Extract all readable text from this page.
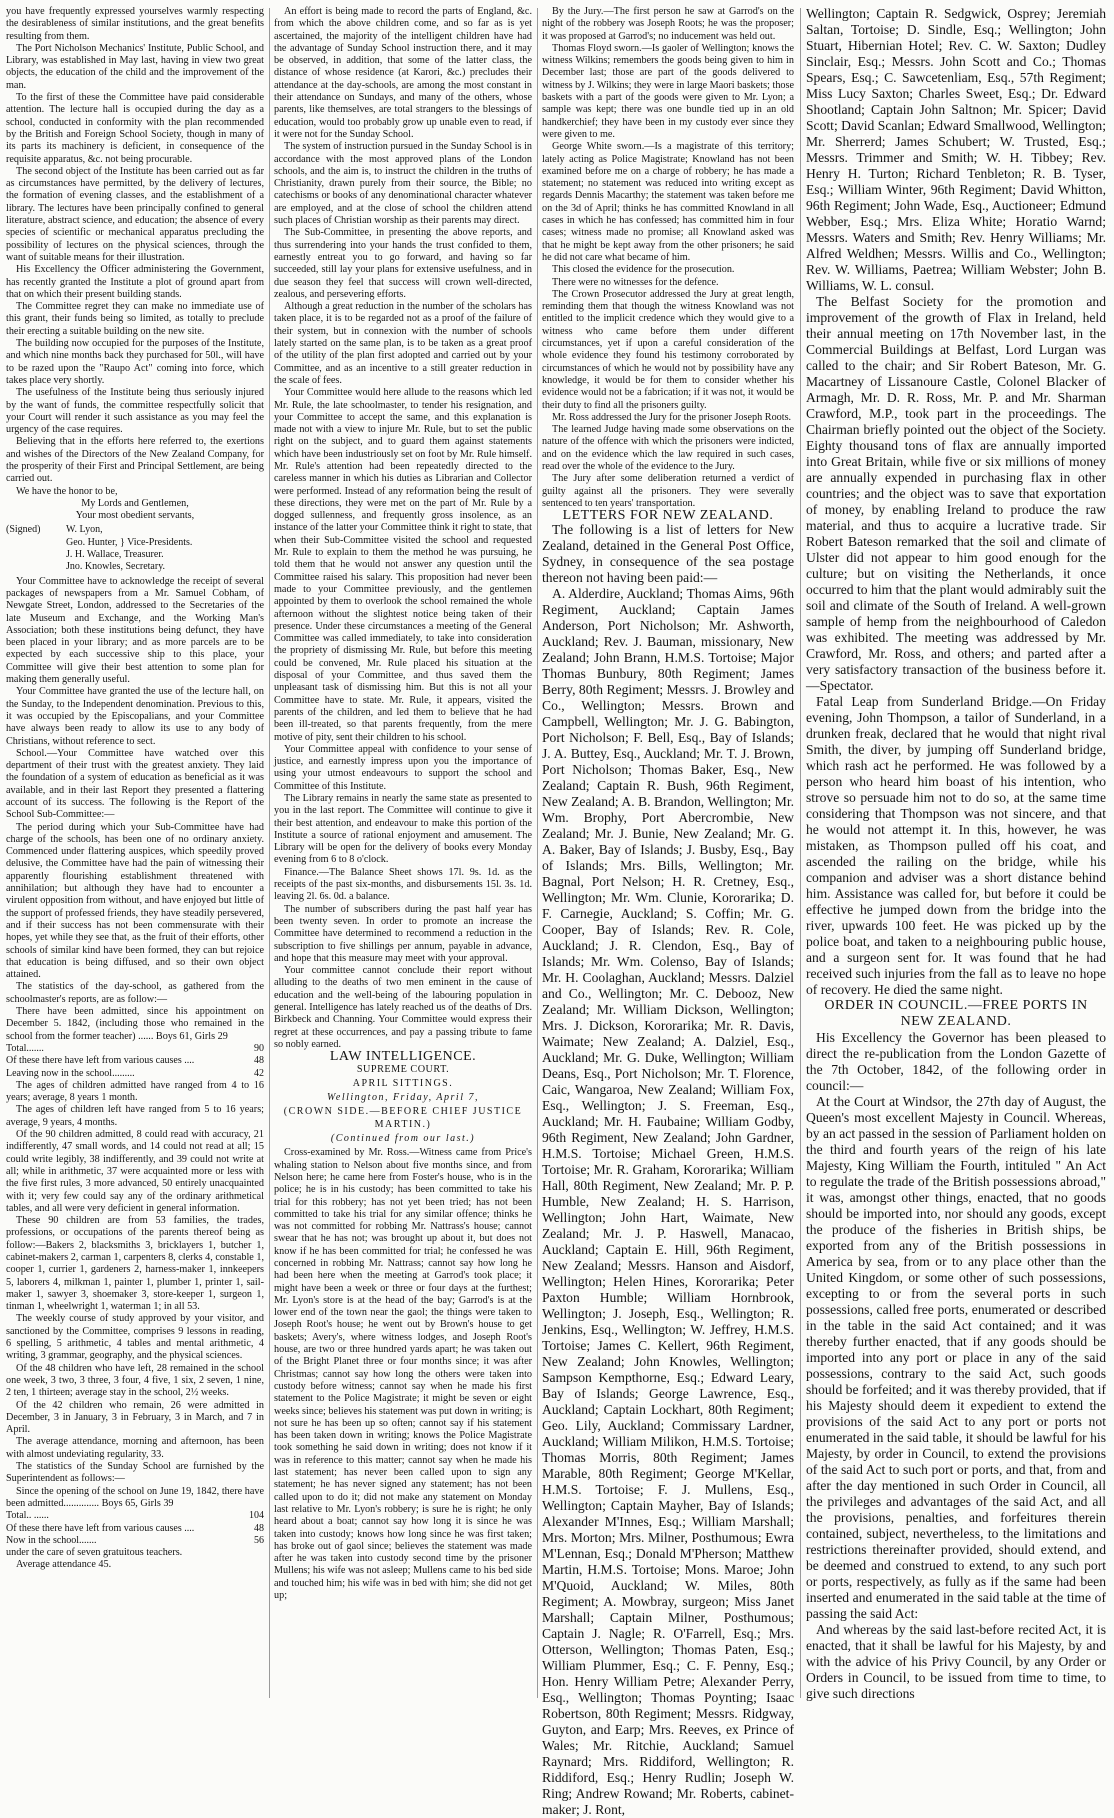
you have frequently expressed yourselves warmly respecting the desirableness of similar institutions, and the great benefits resulting from them.

The Port Nicholson Mechanics' Institute, Public School, and Library, was established in May last, having in view two great objects, the education of the child and the improvement of the man.

To the first of these the Committee have paid considerable attention. The lecture hall is occupied during the day as a school, conducted in conformity with the plan recommended by the British and Foreign School Society, though in many of its parts its machinery is deficient, in consequence of the requisite apparatus, &c. not being procurable.

The second object of the Institute has been carried out as far as circumstances have permitted, by the delivery of lectures, the formation of evening classes, and the establishment of a library. The lectures have been principally confined to general literature, abstract science, and education; the absence of every species of scientific or mechanical apparatus precluding the possibility of lectures on the physical sciences, through the want of suitable means for their illustration.

His Excellency the Officer administering the Government, has recently granted the Institute a plot of ground apart from that on which their present building stands.

The Committee regret they can make no immediate use of this grant, their funds being so limited, as totally to preclude their erecting a suitable building on the new site.

The building now occupied for the purposes of the Institute, and which nine months back they purchased for 50l., will have to be razed upon the "Raupo Act" coming into force, which takes place very shortly.

The usefulness of the Institute being thus seriously injured by the want of funds, the committee respectfully solicit that your Court will render it such assistance as you may feel the urgency of the case requires.

Believing that in the efforts here referred to, the exertions and wishes of the Directors of the New Zealand Company, for the prosperity of their First and Principal Settlement, are being carried out.

We have the honor to be,

My Lords and Gentlemen,

Your most obedient servants,

(Signed)	W. Lyon,
Geo. Hunter, } Vice-Presidents.
J. H. Wallace, Treasurer.
Jno. Knowles, Secretary.

Your Committee have to acknowledge the receipt of several packages of newspapers from a Mr. Samuel Cobham, of Newgate Street, London, addressed to the Secretaries of the late Museum and Exchange, and the Working Man's Association; both these institutions being defunct, they have been placed in your library; and as more parcels are to be expected by each successive ship to this place, your Committee will give their best attention to some plan for making them generally useful.

Your Committee have granted the use of the lecture hall, on the Sunday, to the Independent denomination. Previous to this, it was occupied by the Episcopalians, and your Committee have always been ready to allow its use to any body of Christians, without reference to sect.

School.—Your Committee have watched over this department of their trust with the greatest anxiety. They laid the foundation of a system of education as beneficial as it was available, and in their last Report they presented a flattering account of its success. The following is the Report of the School Sub-Committee:—

The period during which your Sub-Committee have had charge of the schools, has been one of no ordinary anxiety. Commenced under flattering auspices, which speedily proved delusive, the Committee have had the pain of witnessing their apparently flourishing establishment threatened with annihilation; but although they have had to encounter a virulent opposition from without, and have enjoyed but little of the support of professed friends, they have steadily persevered, and if their success has not been commensurate with their hopes, yet while they see that, as the fruit of their efforts, other schools of similar kind have been formed, they can but rejoice that education is being diffused, and so their own object attained.

The statistics of the day-school, as gathered from the schoolmaster's reports, are as follow:—

There have been admitted, since his appointment on December 5. 1842, (including those who remained in the school from the former teacher) ...... Boys 61, Girls 29

Total.......	90
Of these there have left from various causes ....	48
Leaving now in the school.........	42

The ages of children admitted have ranged from 4 to 16 years; average, 8 years 1 month.

The ages of children left have ranged from 5 to 16 years; average, 9 years, 4 months.

Of the 90 children admitted, 8 could read with accuracy, 21 indifferently, 47 small words, and 14 could not read at all; 15 could write legibly, 38 indifferently, and 39 could not write at all; while in arithmetic, 37 were acquainted more or less with the five first rules, 3 more advanced, 50 entirely unacquainted with it; very few could say any of the ordinary arithmetical tables, and all were very deficient in general information.

These 90 children are from 53 families, the trades, professions, or occupations of the parents thereof being as follow:—Bakers 2, blacksmiths 3, bricklayers 1, butcher 1, cabinet-makers 2, carman 1, carpenters 8, clerks 4, constable 1, cooper 1, currier 1, gardeners 2, harness-maker 1, innkeepers 5, laborers 4, milkman 1, painter 1, plumber 1, printer 1, sail-maker 1, sawyer 3, shoemaker 3, store-keeper 1, surgeon 1, tinman 1, wheelwright 1, waterman 1; in all 53.

The weekly course of study approved by your visitor, and sanctioned by the Committee, comprises 9 lessons in reading, 6 spelling, 5 arithmetic, 4 tables and mental arithmetic, 4 writing, 3 grammar, geography, and the physical sciences.

Of the 48 children who have left, 28 remained in the school one week, 3 two, 3 three, 3 four, 4 five, 1 six, 2 seven, 1 nine, 2 ten, 1 thirteen; average stay in the school, 2½ weeks.

Of the 42 children who remain, 26 were admitted in December, 3 in January, 3 in February, 3 in March, and 7 in April.

The average attendance, morning and afternoon, has been with almost undeviating regularity, 33.

The statistics of the Sunday School are furnished by the Superintendent as follows:—

Since the opening of the school on June 19, 1842, there have been admitted.............. Boys 65, Girls 39

Total.. ......	104
Of these there have left from various causes ....	48
Now in the school.......	56

under the care of seven gratuitous teachers.

Average attendance 45.

An effort is being made to record the parts of England, &c. from which the above children come, and so far as is yet ascertained, the majority of the intelligent children have had the advantage of Sunday School instruction there, and it may be observed, in addition, that some of the latter class, the distance of whose residence (at Karori, &c.) precludes their attendance at the day-schools, are among the most constant in their attendance on Sundays, and many of the others, whose parents, like themselves, are total strangers to the blessings of education, would too probably grow up unable even to read, if it were not for the Sunday School.

The system of instruction pursued in the Sunday School is in accordance with the most approved plans of the London schools, and the aim is, to instruct the children in the truths of Christianity, drawn purely from their source, the Bible; no catechisms or books of any denominational character whatever are employed, and at the close of school the children attend such places of Christian worship as their parents may direct.

The Sub-Committee, in presenting the above reports, and thus surrendering into your hands the trust confided to them, earnestly entreat you to go forward, and having so far succeeded, still lay your plans for extensive usefulness, and in due season they feel that success will crown well-directed, zealous, and persevering efforts.

Although a great reduction in the number of the scholars has taken place, it is to be regarded not as a proof of the failure of their system, but in connexion with the number of schools lately started on the same plan, is to be taken as a great proof of the utility of the plan first adopted and carried out by your Committee, and as an incentive to a still greater reduction in the scale of fees.

Your Committee would here allude to the reasons which led Mr. Rule, the late schoolmaster, to tender his resignation, and your Committee to accept the same, and this explanation is made not with a view to injure Mr. Rule, but to set the public right on the subject, and to guard them against statements which have been industriously set on foot by Mr. Rule himself. Mr. Rule's attention had been repeatedly directed to the careless manner in which his duties as Librarian and Collector were performed. Instead of any reformation being the result of these directions, they were met on the part of Mr. Rule by a dogged sullenness, and frequently gross insolence, as an instance of the latter your Committee think it right to state, that when their Sub-Committee visited the school and requested Mr. Rule to explain to them the method he was pursuing, he told them that he would not answer any question until the Committee raised his salary. This proposition had never been made to your Committee previously, and the gentlemen appointed by them to overlook the school remained the whole afternoon without the slightest notice being taken of their presence. Under these circumstances a meeting of the General Committee was called immediately, to take into consideration the propriety of dismissing Mr. Rule, but before this meeting could be convened, Mr. Rule placed his situation at the disposal of your Committee, and thus saved them the unpleasant task of dismissing him. But this is not all your Committee have to state. Mr. Rule, it appears, visited the parents of the children, and led them to believe that he had been ill-treated, so that parents frequently, from the mere motive of pity, sent their children to his school.

Your Committee appeal with confidence to your sense of justice, and earnestly impress upon you the importance of using your utmost endeavours to support the school and Committee of this Institute.

The Library remains in nearly the same state as presented to you in the last report. The Committee will continue to give it their best attention, and endeavour to make this portion of the Institute a source of rational enjoyment and amusement. The Library will be open for the delivery of books every Monday evening from 6 to 8 o'clock.

Finance.—The Balance Sheet shows 17l. 9s. 1d. as the receipts of the past six-months, and disbursements 15l. 3s. 1d. leaving 2l. 6s. 0d. a balance.

The number of subscribers during the past half year has been twenty seven. In order to promote an increase the Committee have determined to recommend a reduction in the subscription to five shillings per annum, payable in advance, and hope that this measure may meet with your approval.

Your committee cannot conclude their report without alluding to the deaths of two men eminent in the cause of education and the well-being of the labouring population in general. Intelligence has lately reached us of the deaths of Drs. Birkbeck and Channing. Your Committee would express their regret at these occurrences, and pay a passing tribute to fame so nobly earned.

LAW INTELLIGENCE.

SUPREME COURT.

APRIL SITTINGS.

Wellington, Friday, April 7,

(CROWN SIDE.—BEFORE CHIEF JUSTICE MARTIN.)

(Continued from our last.)

Cross-examined by Mr. Ross.—Witness came from Price's whaling station to Nelson about five months since, and from Nelson here; he came here from Foster's house, who is in the police; he is in his custody; has been committed to take his trial for this robbery; has not yet been tried; has not been committed to take his trial for any similar offence; thinks he was not committed for robbing Mr. Nattrass's house; cannot swear that he has not; was brought up about it, but does not know if he has been committed for trial; he confessed he was concerned in robbing Mr. Nattrass; cannot say how long he had been here when the meeting at Garrod's took place; it might have been a week or three or four days at the furthest; Mr. Lyon's store is at the head of the bay; Garrod's is at the lower end of the town near the gaol; the things were taken to Joseph Root's house; he went out by Brown's house to get baskets; Avery's, where witness lodges, and Joseph Root's house, are two or three hundred yards apart; he was taken out of the Bright Planet three or four months since; it was after Christmas; cannot say how long the others were taken into custody before witness; cannot say when he made his first statement to the Police Magistrate; it might be seven or eight weeks since; believes his statement was put down in writing; is not sure he has been up so often; cannot say if his statement has been taken down in writing; knows the Police Magistrate took something he said down in writing; does not know if it was in reference to this matter; cannot say when he made his last statement; has never been called upon to sign any statement; he has never signed any statement; has not been called upon to do it; did not make any statement on Monday last relative to Mr. Lyon's robbery; is sure he is right; he only heard about a boat; cannot say how long it is since he was taken into custody; knows how long since he was first taken; has broke out of gaol since; believes the statement was made after he was taken into custody second time by the prisoner Mullens; his wife was not asleep; Mullens came to his bed side and touched him; his wife was in bed with him; she did not get up;

By the Jury.—The first person he saw at Garrod's on the night of the robbery was Joseph Roots; he was the proposer; it was proposed at Garrod's; no inducement was held out.

Thomas Floyd sworn.—Is gaoler of Wellington; knows the witness Wilkins; remembers the goods being given to him in December last; those are part of the goods delivered to witness by J. Wilkins; they were in large Maori baskets; those baskets with a part of the goods were given to Mr. Lyon; a sample was kept; there was one bundle tied up in an old handkerchief; they have been in my custody ever since they were given to me.

George White sworn.—Is a magistrate of this territory; lately acting as Police Magistrate; Knowland has not been examined before me on a charge of robbery; he has made a statement; no statement was reduced into writing except as regards Dennis Macarthy; the statement was taken before me on the 3d of April; thinks he has committed Knowland in all cases in which he has confessed; has committed him in four cases; witness made no promise; all Knowland asked was that he might be kept away from the other prisoners; he said he did not care what became of him.

This closed the evidence for the prosecution.

There were no witnesses for the defence.

The Crown Prosecutor addressed the Jury at great length, reminding them that though the witness Knowland was not entitled to the implicit credence which they would give to a witness who came before them under different circumstances, yet if upon a careful consideration of the whole evidence they found his testimony corroborated by circumstances of which he would not by possibility have any knowledge, it would be for them to consider whether his evidence would not be a fabrication; if it was not, it would be their duty to find all the prisoners guilty.

Mr. Ross addressed the Jury for the prisoner Joseph Roots.

The learned Judge having made some observations on the nature of the offence with which the prisoners were indicted, and on the evidence which the law required in such cases, read over the whole of the evidence to the Jury.

The Jury after some deliberation returned a verdict of guilty against all the prisoners. They were severally sentenced to ten years' transportation.

LETTERS FOR NEW ZEALAND.

The following is a list of letters for New Zealand, detained in the General Post Office, Sydney, in consequence of the sea postage thereon not having been paid:—

A. Alderdire, Auckland; Thomas Aims, 96th Regiment, Auckland; Captain James Anderson, Port Nicholson; Mr. Ashworth, Auckland; Rev. J. Bauman, missionary, New Zealand; John Brann, H.M.S. Tortoise; Major Thomas Bunbury, 80th Regiment; James Berry, 80th Regiment; Messrs. J. Browley and Co., Wellington; Messrs. Brown and Campbell, Wellington; Mr. J. G. Babington, Port Nicholson; F. Bell, Esq., Bay of Islands; J. A. Buttey, Esq., Auckland; Mr. T. J. Brown, Port Nicholson; Thomas Baker, Esq., New Zealand; Captain R. Bush, 96th Regiment, New Zealand; A. B. Brandon, Wellington; Mr. Wm. Brophy, Port Abercrombie, New Zealand; Mr. J. Bunie, New Zealand; Mr. G. A. Baker, Bay of Islands; J. Busby, Esq., Bay of Islands; Mrs. Bills, Wellington; Mr. Bagnal, Port Nelson; H. R. Cretney, Esq., Wellington; Mr. Wm. Clunie, Kororarika; D. F. Carnegie, Auckland; S. Coffin; Mr. G. Cooper, Bay of Islands; Rev. R. Cole, Auckland; J. R. Clendon, Esq., Bay of Islands; Mr. Wm. Colenso, Bay of Islands; Mr. H. Coolaghan, Auckland; Messrs. Dalziel and Co., Wellington; Mr. C. Debooz, New Zealand; Mr. William Dickson, Wellington; Mrs. J. Dickson, Kororarika; Mr. R. Davis, Waimate; New Zealand; A. Dalziel, Esq., Auckland; Mr. G. Duke, Wellington; William Deans, Esq., Port Nicholson; Mr. T. Florence, Caic, Wangaroa, New Zealand; William Fox, Esq., Wellington; J. S. Freeman, Esq., Auckland; Mr. H. Faubaine; William Godby, 96th Regiment, New Zealand; John Gardner, H.M.S. Tortoise; Michael Green, H.M.S. Tortoise; Mr. R. Graham, Kororarika; William Hall, 80th Regiment, New Zealand; Mr. P. P. Humble, New Zealand; H. S. Harrison, Wellington; John Hart, Waimate, New Zealand; Mr. J. P. Haswell, Manacao, Auckland; Captain E. Hill, 96th Regiment, New Zealand; Messrs. Hanson and Aisdorf, Wellington; Helen Hines, Kororarika; Peter Paxton Humble; William Hornbrook, Wellington; J. Joseph, Esq., Wellington; R. Jenkins, Esq., Wellington; W. Jeffrey, H.M.S. Tortoise; James C. Kellert, 96th Regiment, New Zealand; John Knowles, Wellington; Sampson Kempthorne, Esq.; Edward Leary, Bay of Islands; George Lawrence, Esq., Auckland; Captain Lockhart, 80th Regiment; Geo. Lily, Auckland; Commissary Lardner, Auckland; William Milikon, H.M.S. Tortoise; Thomas Morris, 80th Regiment; James Marable, 80th Regiment; George M'Kellar, H.M.S. Tortoise; F. J. Mullens, Esq., Wellington; Captain Mayher, Bay of Islands; Alexander M'Innes, Esq.; William Marshall; Mrs. Morton; Mrs. Milner, Posthumous; Ewra M'Lennan, Esq.; Donald M'Pherson; Matthew Martin, H.M.S. Tortoise; Mons. Maroe; John M'Quoid, Auckland; W. Miles, 80th Regiment; A. Mowbray, surgeon; Miss Janet Marshall; Captain Milner, Posthumous; Captain J. Nagle; R. O'Farrell, Esq.; Mrs. Otterson, Wellington; Thomas Paten, Esq.; William Plummer, Esq.; C. F. Penny, Esq.; Hon. Henry William Petre; Alexander Perry, Esq., Wellington; Thomas Poynting; Isaac Robertson, 80th Regiment; Messrs. Ridgway, Guyton, and Earp; Mrs. Reeves, ex Prince of Wales; Mr. Ritchie, Auckland; Samuel Raynard; Mrs. Riddiford, Wellington; R. Riddiford, Esq.; Henry Rudlin; Joseph W. Ring; Andrew Rowand; Mr. Roberts, cabinet-maker; J. Ront,

Wellington; Captain R. Sedgwick, Osprey; Jeremiah Saltan, Tortoise; D. Sindle, Esq.; Wellington; John Stuart, Hibernian Hotel; Rev. C. W. Saxton; Dudley Sinclair, Esq.; Messrs. John Scott and Co.; Thomas Spears, Esq.; C. Sawcetenliam, Esq., 57th Regiment; Miss Lucy Saxton; Charles Sweet, Esq.; Dr. Edward Shootland; Captain John Saltnon; Mr. Spicer; David Scott; David Scanlan; Edward Smallwood, Wellington; Mr. Sherrerd; James Schubert; W. Trusted, Esq.; Messrs. Trimmer and Smith; W. H. Tibbey; Rev. Henry H. Turton; Richard Tenbleton; R. B. Tyser, Esq.; William Winter, 96th Regiment; David Whitton, 96th Regiment; John Wade, Esq., Auctioneer; Edmund Webber, Esq.; Mrs. Eliza White; Horatio Warnd; Messrs. Waters and Smith; Rev. Henry Williams; Mr. Alfred Weldhen; Messrs. Willis and Co., Wellington; Rev. W. Williams, Paetrea; William Webster; John B. Williams, W. L. consul.

The Belfast Society for the promotion and improvement of the growth of Flax in Ireland, held their annual meeting on 17th November last, in the Commercial Buildings at Belfast, Lord Lurgan was called to the chair; and Sir Robert Bateson, Mr. G. Macartney of Lissanoure Castle, Colonel Blacker of Armagh, Mr. D. R. Ross, Mr. P. and Mr. Sharman Crawford, M.P., took part in the proceedings. The Chairman briefly pointed out the object of the Society. Eighty thousand tons of flax are annually imported into Great Britain, while five or six millions of money are annually expended in purchasing flax in other countries; and the object was to save that exportation of money, by enabling Ireland to produce the raw material, and thus to acquire a lucrative trade. Sir Robert Bateson remarked that the soil and climate of Ulster did not appear to him good enough for the culture; but on visiting the Netherlands, it once occurred to him that the plant would admirably suit the soil and climate of the South of Ireland. A well-grown sample of hemp from the neighbourhood of Caledon was exhibited. The meeting was addressed by Mr. Crawford, Mr. Ross, and others; and parted after a very satisfactory transaction of the business before it.—Spectator.

Fatal Leap from Sunderland Bridge.—On Friday evening, John Thompson, a tailor of Sunderland, in a drunken freak, declared that he would that night rival Smith, the diver, by jumping off Sunderland bridge, which rash act he performed. He was followed by a person who heard him boast of his intention, who strove so persuade him not to do so, at the same time considering that Thompson was not sincere, and that he would not attempt it. In this, however, he was mistaken, as Thompson pulled off his coat, and ascended the railing on the bridge, while his companion and adviser was a short distance behind him. Assistance was called for, but before it could be effective he jumped down from the bridge into the river, upwards 100 feet. He was picked up by the police boat, and taken to a neighbouring public house, and a surgeon sent for. It was found that he had received such injuries from the fall as to leave no hope of recovery. He died the same night.

ORDER IN COUNCIL.—FREE PORTS IN NEW ZEALAND.

His Excellency the Governor has been pleased to direct the re-publication from the London Gazette of the 7th October, 1842, of the following order in council:—

At the Court at Windsor, the 27th day of August, the Queen's most excellent Majesty in Council. Whereas, by an act passed in the session of Parliament holden on the third and fourth years of the reign of his late Majesty, King William the Fourth, intituled " An Act to regulate the trade of the British possessions abroad," it was, amongst other things, enacted, that no goods should be imported into, nor should any goods, except the produce of the fisheries in British ships, be exported from any of the British possessions in America by sea, from or to any place other than the United Kingdom, or some other of such possessions, excepting to or from the several ports in such possessions, called free ports, enumerated or described in the table in the said Act contained; and it was thereby further enacted, that if any goods should be imported into any port or place in any of the said possessions, contrary to the said Act, such goods should be forfeited; and it was thereby provided, that if his Majesty should deem it expedient to extend the provisions of the said Act to any port or ports not enumerated in the said table, it should be lawful for his Majesty, by order in Council, to extend the provisions of the said Act to such port or ports, and that, from and after the day mentioned in such Order in Council, all the privileges and advantages of the said Act, and all the provisions, penalties, and forfeitures therein contained, subject, nevertheless, to the limitations and restrictions thereinafter provided, should extend, and be deemed and construed to extend, to any such port or ports, respectively, as fully as if the same had been inserted and enumerated in the said table at the time of passing the said Act:

And whereas by the said last-before recited Act, it is enacted, that it shall be lawful for his Majesty, by and with the advice of his Privy Council, by any Order or Orders in Council, to be issued from time to time, to give such directions
